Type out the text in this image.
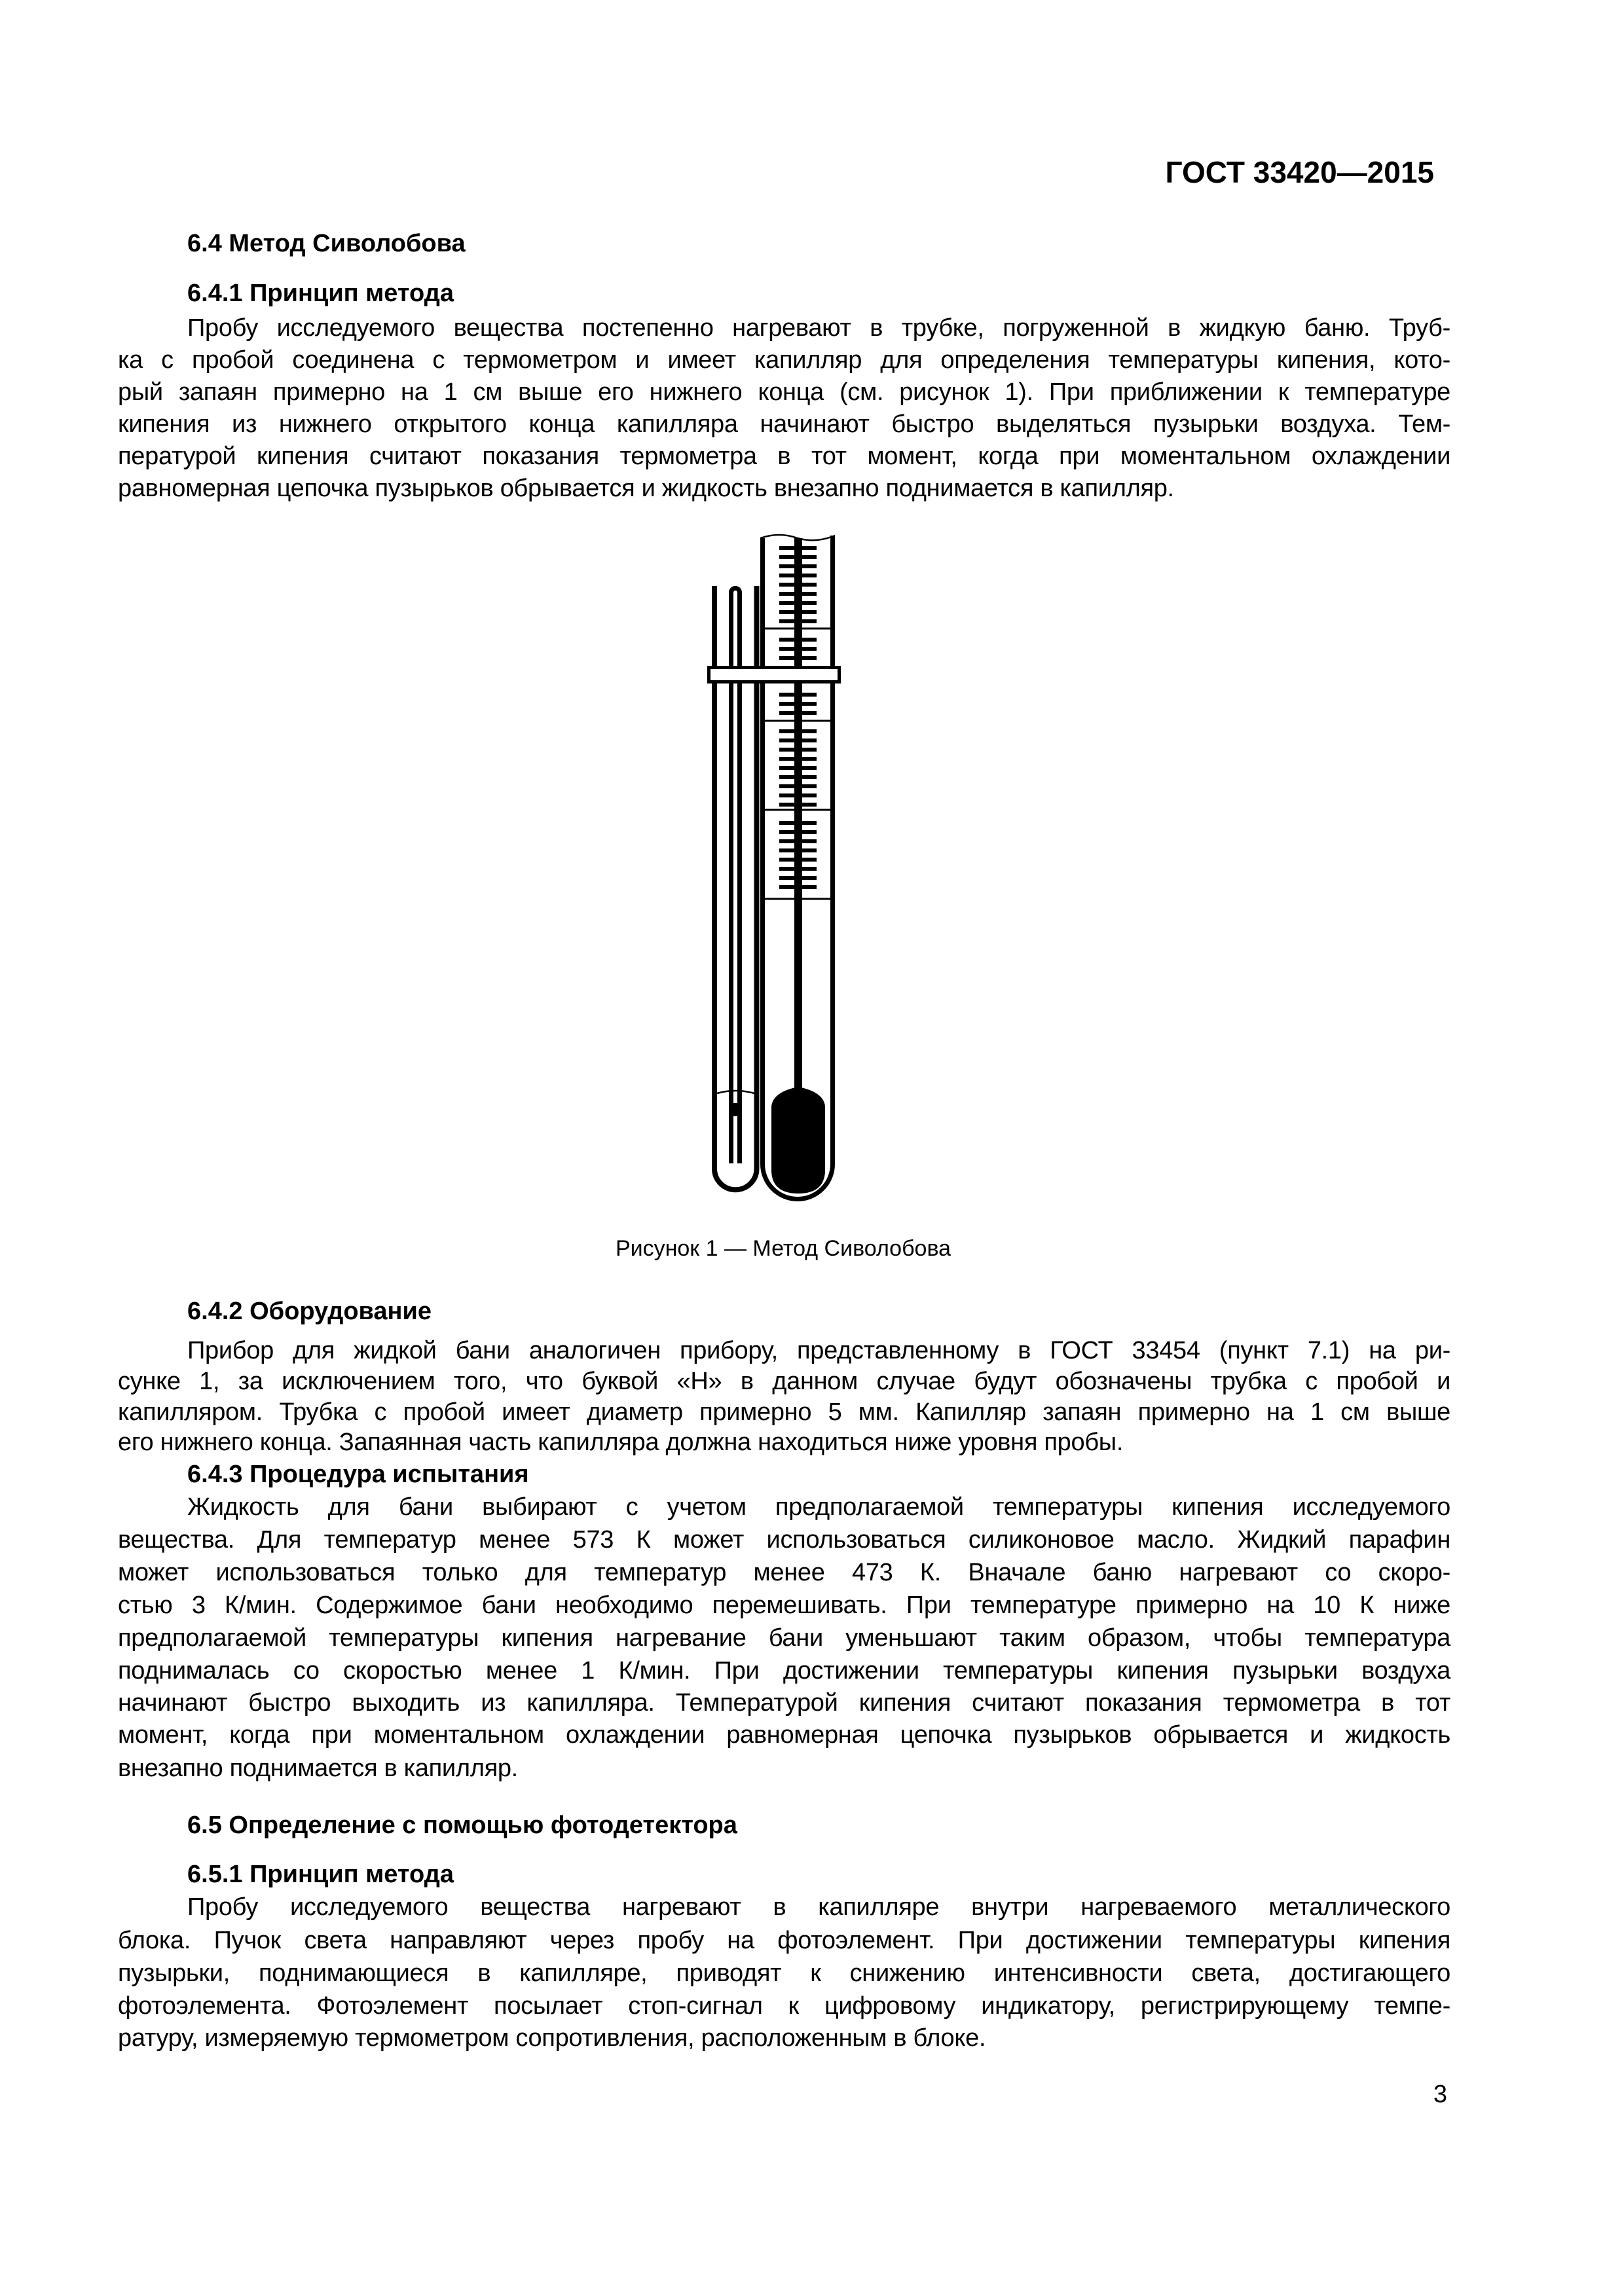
ГОСТ 33420—2015
6.4 Метод Сиволобова
6.4.1 Принцип метода
Пробу исследуемого вещества постепенно нагревают в трубке, погруженной в жидкую баню. Труб-
ка с пробой соединена с термометром и имеет капилляр для определения температуры кипения, кото-
рый запаян примерно на 1 см выше его нижнего конца (см. рисунок 1). При приближении к температуре
кипения из нижнего открытого конца капилляра начинают быстро выделяться пузырьки воздуха. Тем-
пературой кипения считают показания термометра в тот момент, когда при моментальном охлаждении
равномерная цепочка пузырьков обрывается и жидкость внезапно поднимается в капилляр.
Рисунок 1 — Метод Сиволобова
6.4.2 Оборудование
Прибор для жидкой бани аналогичен прибору, представленному в ГОСТ 33454 (пункт 7.1) на ри-
сунке 1, за исключением того, что буквой «Н» в данном случае будут обозначены трубка с пробой и
капилляром. Трубка с пробой имеет диаметр примерно 5 мм. Капилляр запаян примерно на 1 см выше
его нижнего конца. Запаянная часть капилляра должна находиться ниже уровня пробы.
6.4.3 Процедура испытания
Жидкость для бани выбирают с учетом предполагаемой температуры кипения исследуемого
вещества. Для температур менее 573 К может использоваться силиконовое масло. Жидкий парафин
может использоваться только для температур менее 473 К. Вначале баню нагревают со скоро-
стью 3 К/мин. Содержимое бани необходимо перемешивать. При температуре примерно на 10 К ниже
предполагаемой температуры кипения нагревание бани уменьшают таким образом, чтобы температура
поднималась со скоростью менее 1 К/мин. При достижении температуры кипения пузырьки воздуха
начинают быстро выходить из капилляра. Температурой кипения считают показания термометра в тот
момент, когда при моментальном охлаждении равномерная цепочка пузырьков обрывается и жидкость
внезапно поднимается в капилляр.
6.5 Определение с помощью фотодетектора
6.5.1 Принцип метода
Пробу исследуемого вещества нагревают в капилляре внутри нагреваемого металлического
блока. Пучок света направляют через пробу на фотоэлемент. При достижении температуры кипения
пузырьки, поднимающиеся в капилляре, приводят к снижению интенсивности света, достигающего
фотоэлемента. Фотоэлемент посылает стоп-сигнал к цифровому индикатору, регистрирующему темпе-
ратуру, измеряемую термометром сопротивления, расположенным в блоке.
3
